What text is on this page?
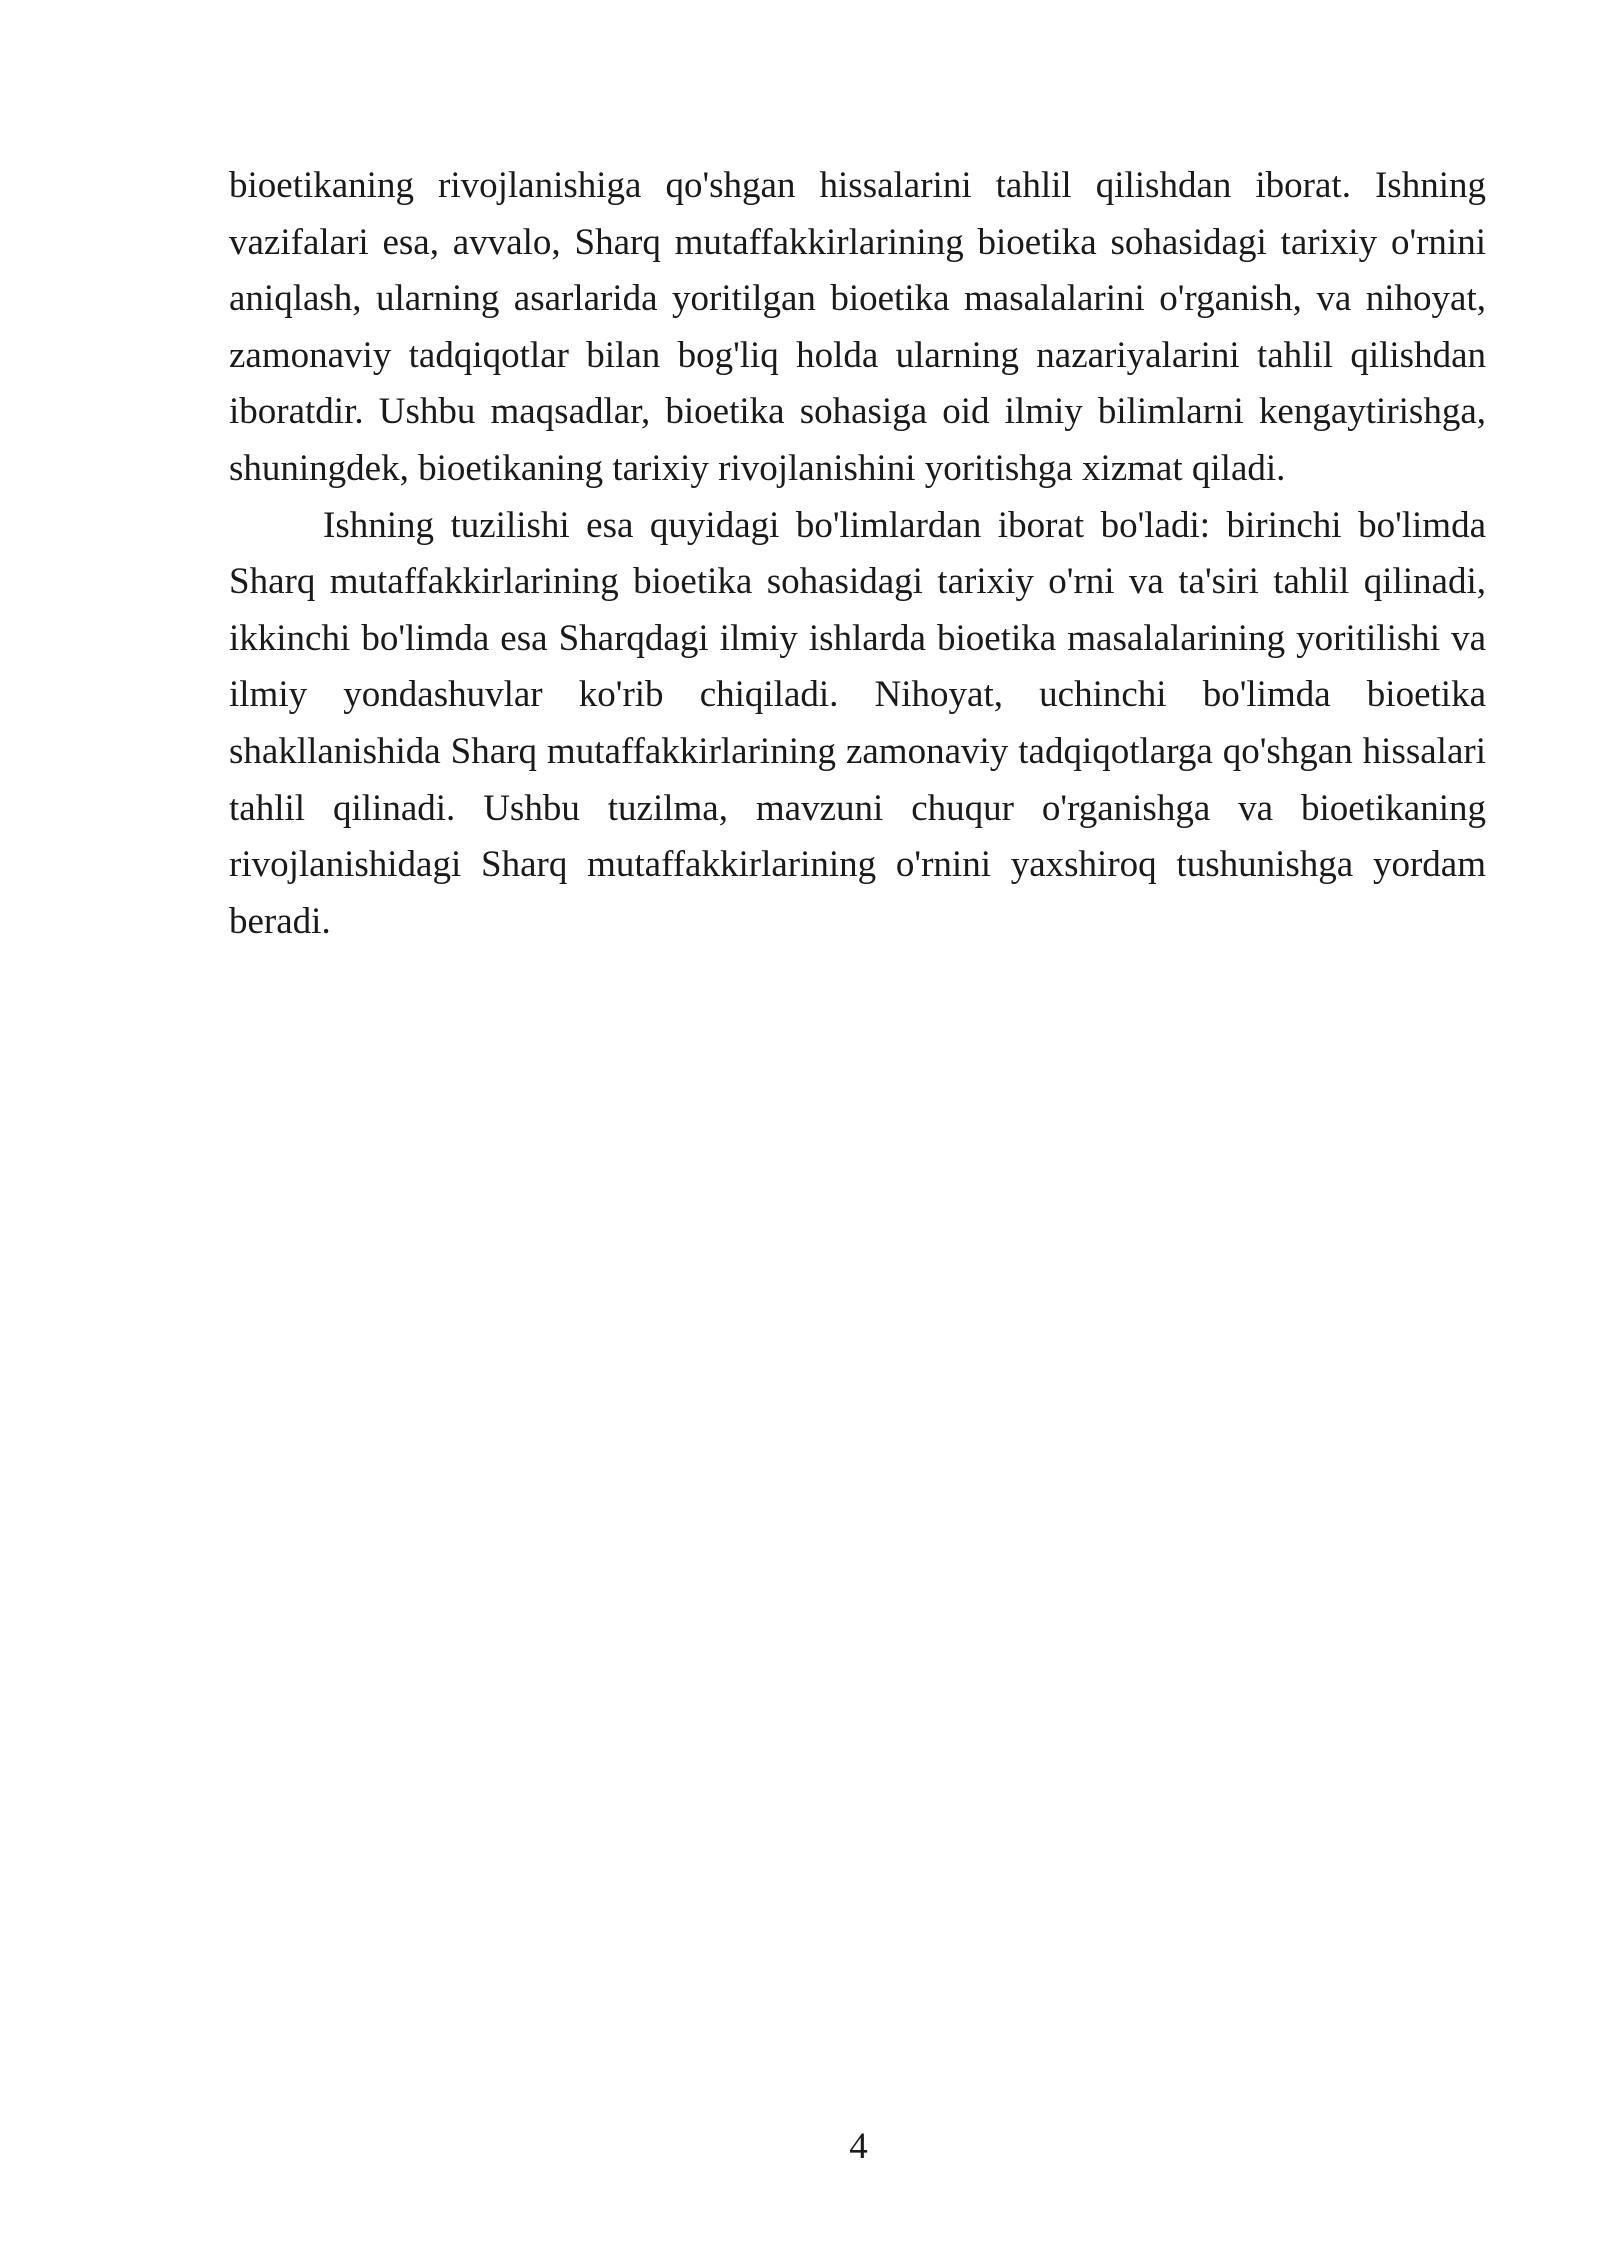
bioetikaning rivojlanishiga qo'shgan hissalarini tahlil qilishdan iborat. Ishning vazifalari esa, avvalo, Sharq mutaffakkirlarining bioetika sohasidagi tarixiy o'rnini aniqlash, ularning asarlarida yoritilgan bioetika masalalarini o'rganish, va nihoyat, zamonaviy tadqiqotlar bilan bog'liq holda ularning nazariyalarini tahlil qilishdan iboratdir. Ushbu maqsadlar, bioetika sohasiga oid ilmiy bilimlarni kengaytirishga, shuningdek, bioetikaning tarixiy rivojlanishini yoritishga xizmat qiladi.

Ishning tuzilishi esa quyidagi bo'limlardan iborat bo'ladi: birinchi bo'limda Sharq mutaffakkirlarining bioetika sohasidagi tarixiy o'rni va ta'siri tahlil qilinadi, ikkinchi bo'limda esa Sharqdagi ilmiy ishlarda bioetika masalalarining yoritilishi va ilmiy yondashuvlar ko'rib chiqiladi. Nihoyat, uchinchi bo'limda bioetika shakllanishida Sharq mutaffakkirlarining zamonaviy tadqiqotlarga qo'shgan hissalari tahlil qilinadi. Ushbu tuzilma, mavzuni chuqur o'rganishga va bioetikaning rivojlanishidagi Sharq mutaffakkirlarining o'rnini yaxshiroq tushunishga yordam beradi.

4
